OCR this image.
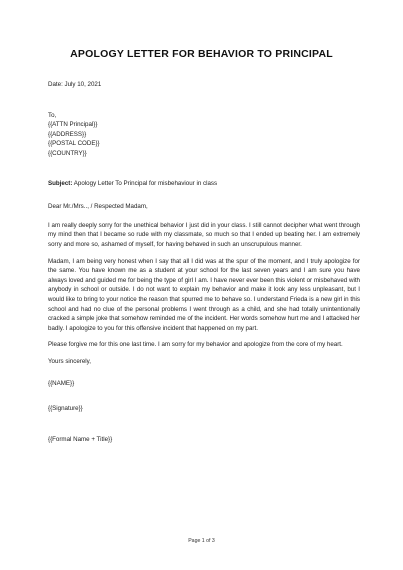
APOLOGY LETTER FOR BEHAVIOR TO PRINCIPAL

Date: July 10, 2021

To,
{{ATTN Principal}}
{{ADDRESS}}
{{POSTAL CODE}}
{{COUNTRY}}

Subject: Apology Letter To Principal for misbehaviour in class

Dear Mr./Mrs.., / Respected Madam,

I am really deeply sorry for the unethical behavior I just did in your class. I still cannot decipher what went through my mind then that I became so rude with my classmate, so much so that I ended up beating her. I am extremely sorry and more so, ashamed of myself, for having behaved in such an unscrupulous manner.

Madam, I am being very honest when I say that all I did was at the spur of the moment, and I truly apologize for the same. You have known me as a student at your school for the last seven years and I am sure you have always loved and guided me for being the type of girl I am. I have never ever been this violent or misbehaved with anybody in school or outside. I do not want to explain my behavior and make it look any less unpleasant, but I would like to bring to your notice the reason that spurred me to behave so. I understand Frieda is a new girl in this school and had no clue of the personal problems I went through as a child, and she had totally unintentionally cracked a simple joke that somehow reminded me of the incident. Her words somehow hurt me and I attacked her badly. I apologize to you for this offensive incident that happened on my part.

Please forgive me for this one last time. I am sorry for my behavior and apologize from the core of my heart.

Yours sincerely,

{{NAME}}

{{Signature}}

{{Formal Name + Title}}

Page 1 of 3
